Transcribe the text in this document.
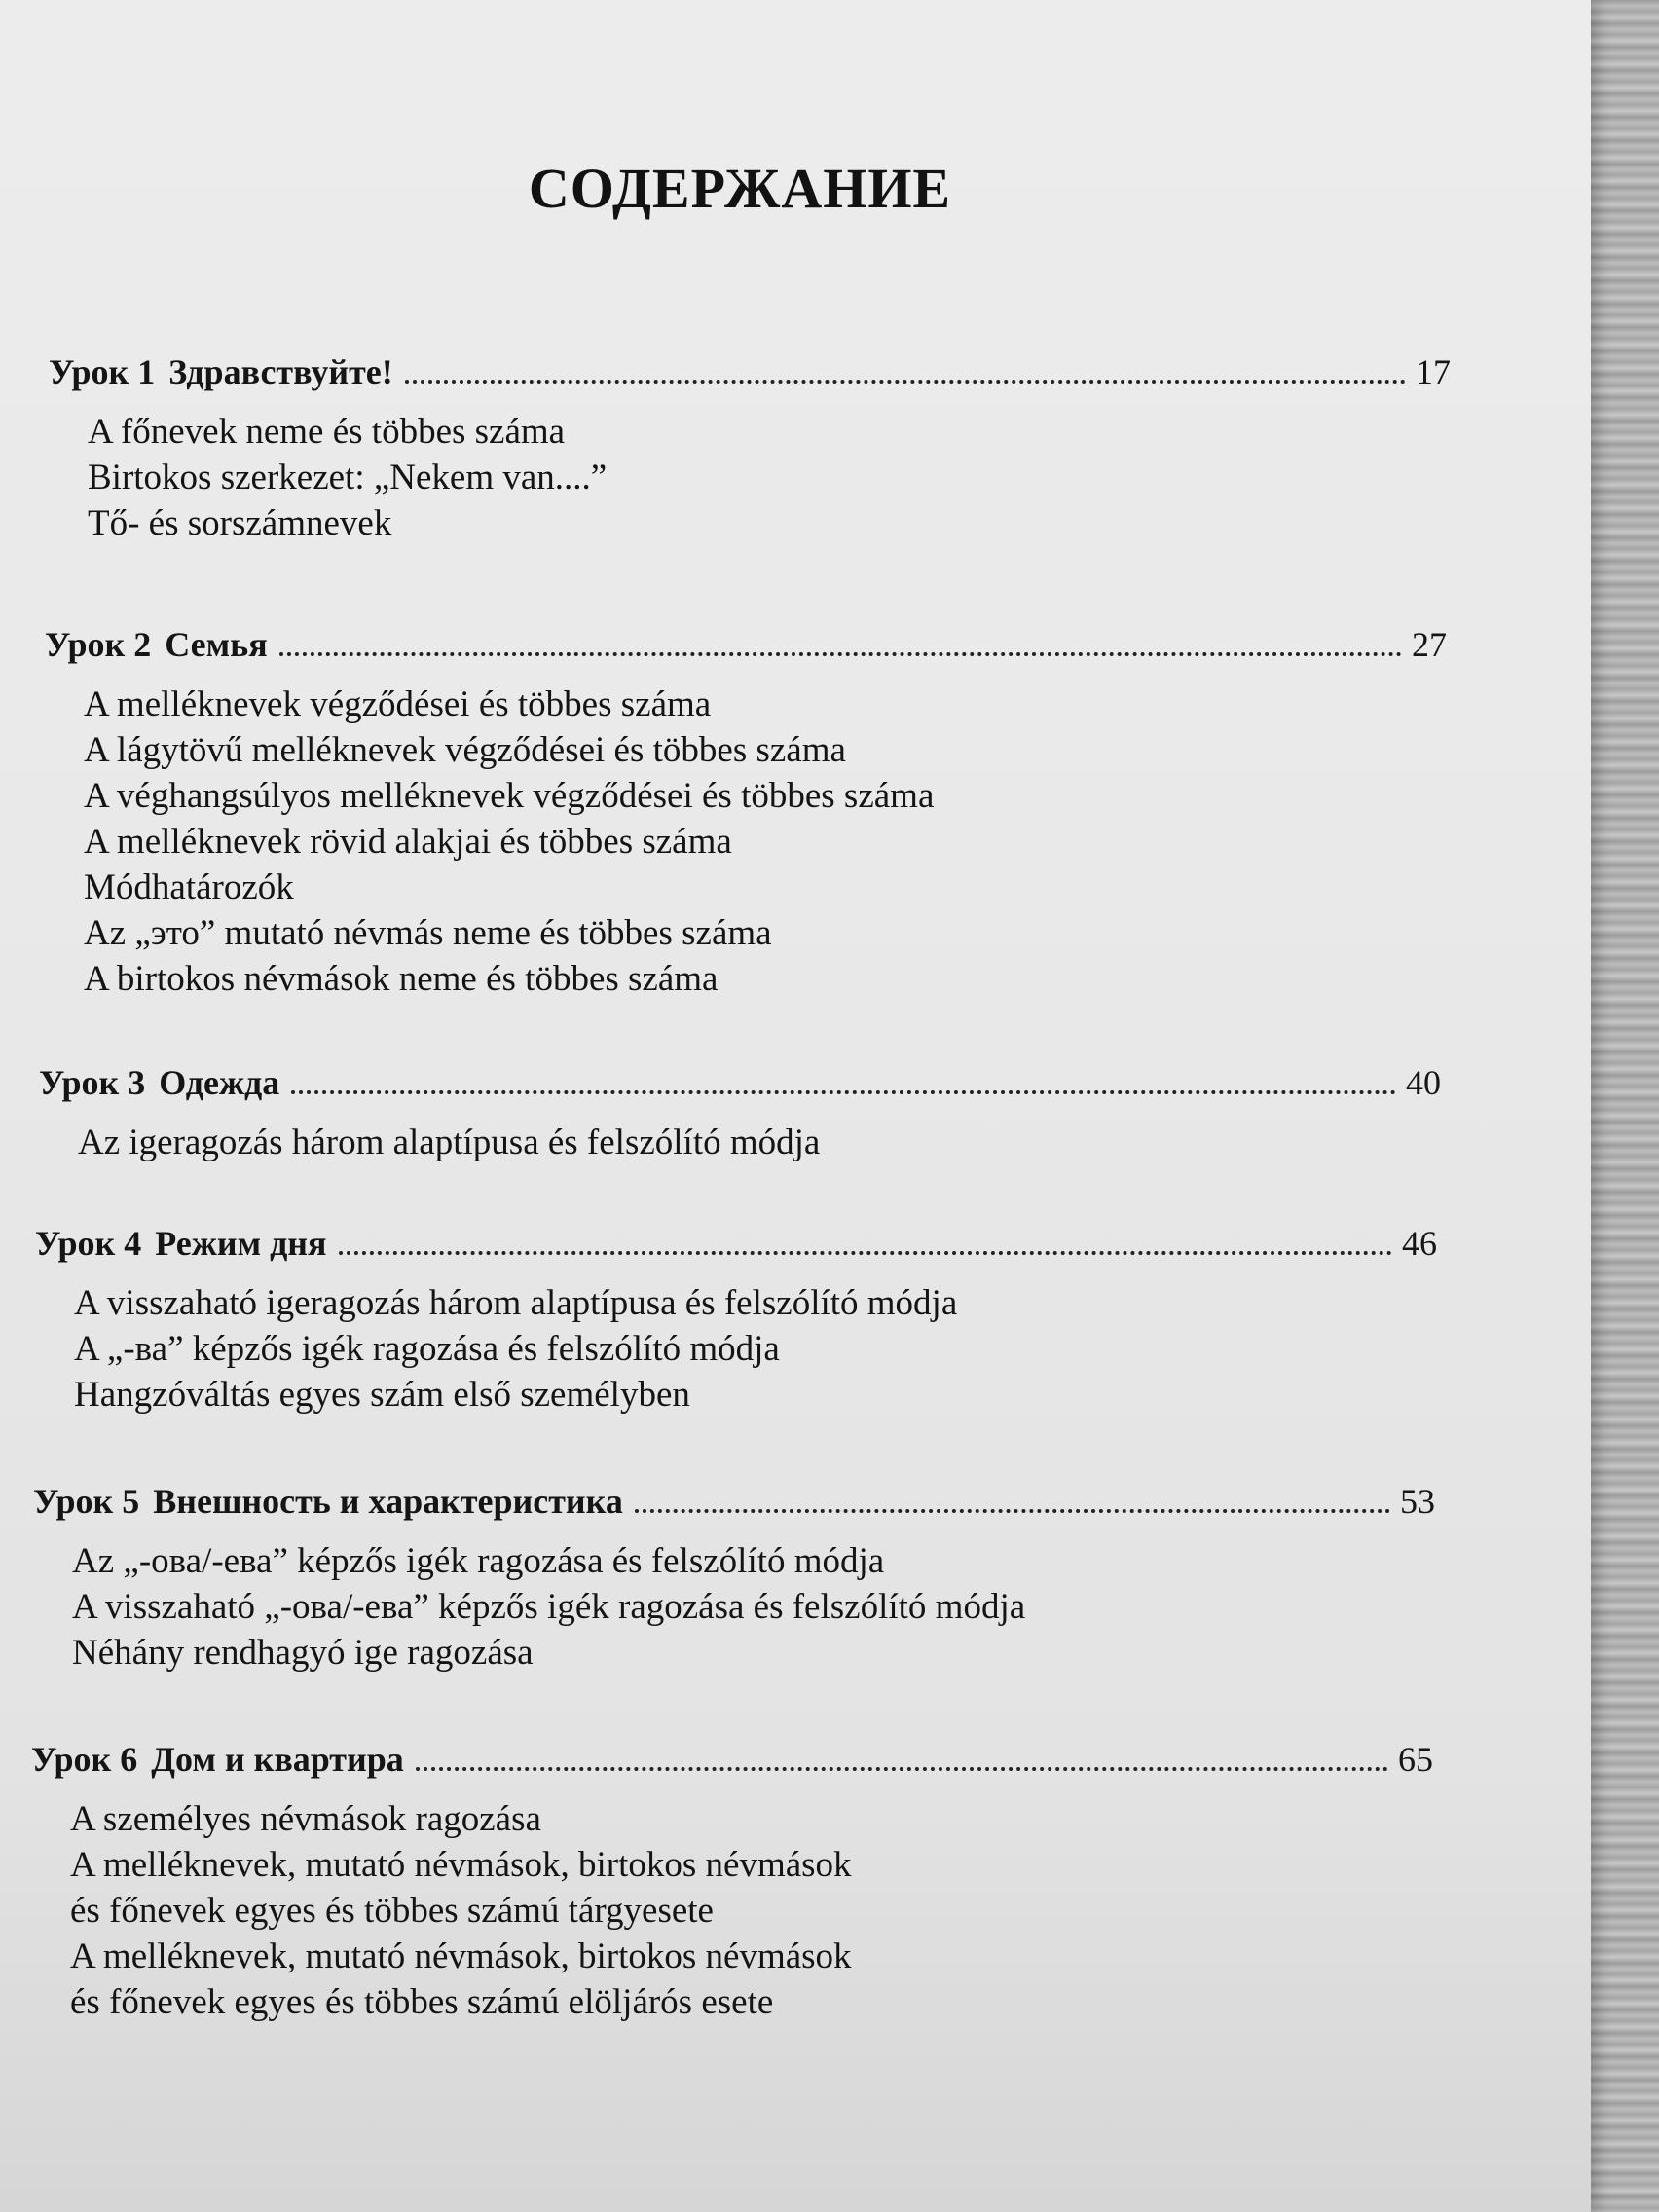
СОДЕРЖАНИЕ
Урок 1 Здравствуйте!	17
A főnevek neme és többes száma
Birtokos szerkezet: „Nekem van....”
Tő- és sorszámnevek
Урок 2 Семья	27
A melléknevek végződései és többes száma
A lágytövű melléknevek végződései és többes száma
A véghangsúlyos melléknevek végződései és többes száma
A melléknevek rövid alakjai és többes száma
Módhatározók
Az „это” mutató névmás neme és többes száma
A birtokos névmások neme és többes száma
Урок 3 Одежда	40
Az igeragozás három alaptípusa és felszólító módja
Урок 4 Режим дня	46
A visszaható igeragozás három alaptípusa és felszólító módja
A „-ва” képzős igék ragozása és felszólító módja
Hangzóváltás egyes szám első személyben
Урок 5 Внешность и характеристика	53
Az „-ова/-ева” képzős igék ragozása és felszólító módja
A visszaható „-ова/-ева” képzős igék ragozása és felszólító módja
Néhány rendhagyó ige ragozása
Урок 6 Дом и квартира	65
A személyes névmások ragozása
A melléknevek, mutató névmások, birtokos névmások
és főnevek egyes és többes számú tárgyesete
A melléknevek, mutató névmások, birtokos névmások
és főnevek egyes és többes számú elöljárós esete
